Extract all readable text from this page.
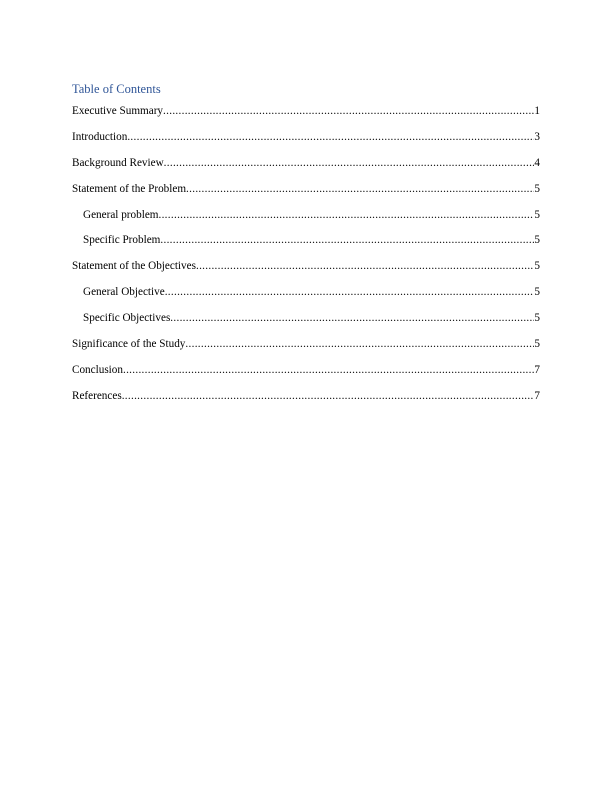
Table of Contents
Executive Summary .....	1
Introduction .....	3
Background Review .....	4
Statement of the Problem .....	5
General problem .....	5
Specific Problem .....	5
Statement of the Objectives .....	5
General Objective .....	5
Specific Objectives .....	5
Significance of the Study .....	5
Conclusion .....	7
References .....	7
